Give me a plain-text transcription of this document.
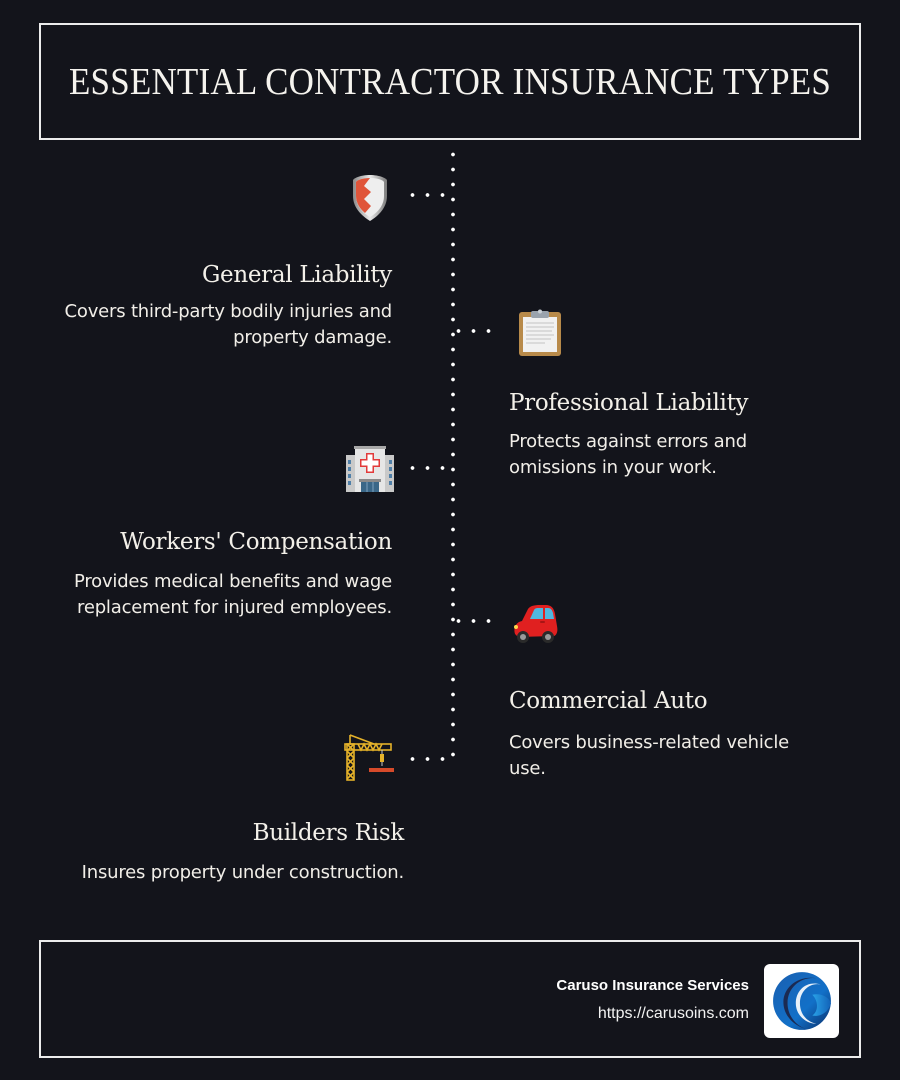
ESSENTIAL CONTRACTOR INSURANCE TYPES
General Liability
Covers third-party bodily injuries and property damage.
Professional Liability
Protects against errors and omissions in your work.
Workers' Compensation
Provides medical benefits and wage replacement for injured employees.
Commercial Auto
Covers business-related vehicle use.
Builders Risk
Insures property under construction.
Caruso Insurance Services
https://carusoins.com
